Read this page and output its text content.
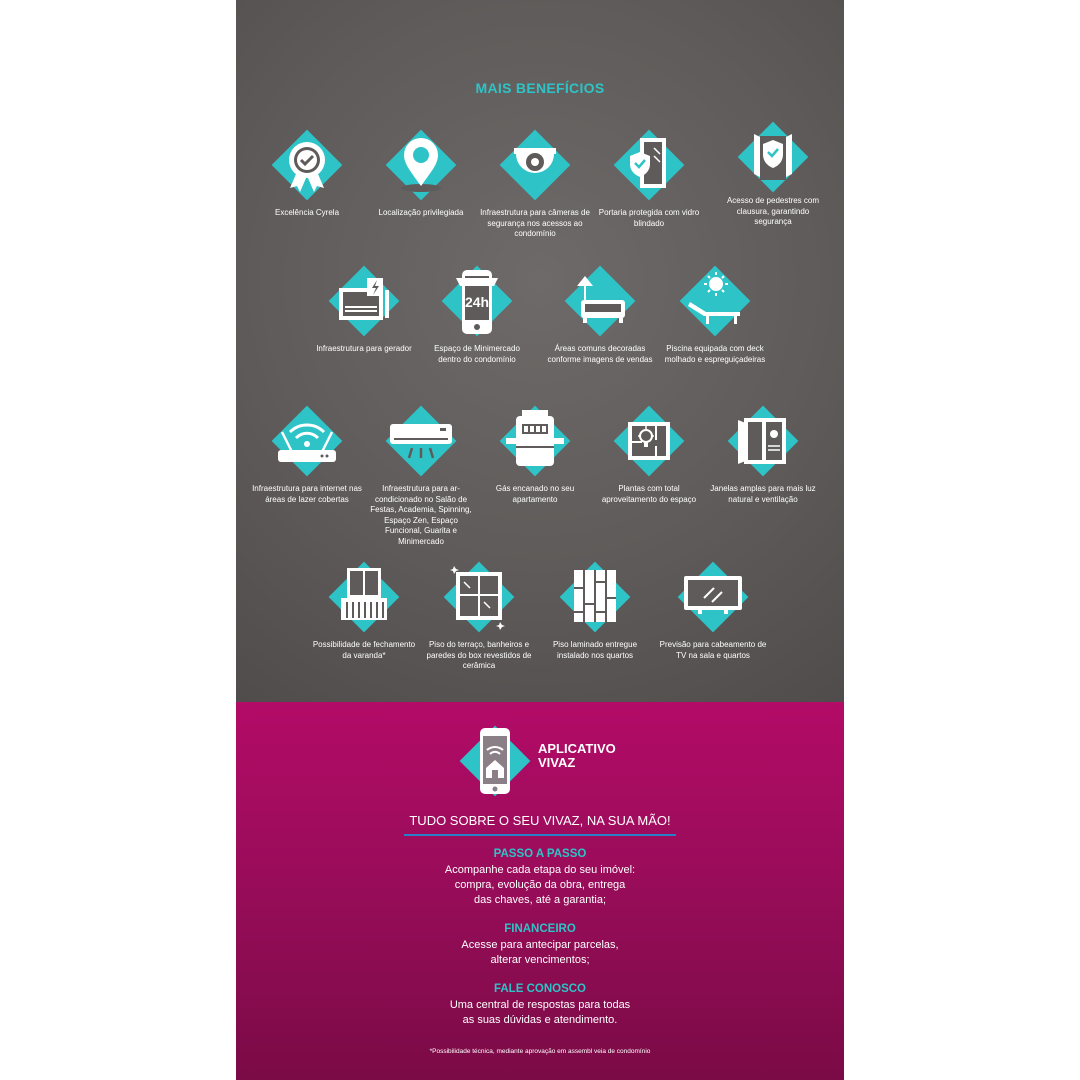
MAIS BENEFÍCIOS
Excelência Cyrela	Localização privilegiada	Infraestrutura para câmeras de segurança nos acessos ao condomínio
Portaria protegida com vidro blindado
Acesso de pedestres com clausura, garantindo segurança
Infraestrutura para gerador
24h
Espaço de Minimercado dentro do condomínio
Áreas comuns decoradas conforme imagens de vendas
Piscina equipada com deck molhado e espreguiçadeiras
Infraestrutura para internet nas áreas de lazer cobertas
Infraestrutura para ar-condicionado no Salão de Festas, Academia, Spinning, Espaço Zen, Espaço Funcional, Guarita e Minimercado
Gás encanado no seu apartamento
Plantas com total aproveitamento do espaço
Janelas amplas para mais luz natural e ventilação
Possibilidade de fechamento da varanda*
Piso do terraço, banheiros e paredes do box revestidos de cerâmica
Piso laminado entregue instalado nos quartos
Previsão para cabeamento de TV na sala e quartos
APLICATIVO
VIVAZ
TUDO SOBRE O SEU VIVAZ, NA SUA MÃO!
PASSO A PASSO
Acompanhe cada etapa do seu imóvel:
compra, evolução da obra, entrega
das chaves, até a garantia;
FINANCEIRO
Acesse para antecipar parcelas,
alterar vencimentos;
FALE CONOSCO
Uma central de respostas para todas
as suas dúvidas e atendimento.
*Possibilidade técnica, mediante aprovação em assembl veia de condomínio
